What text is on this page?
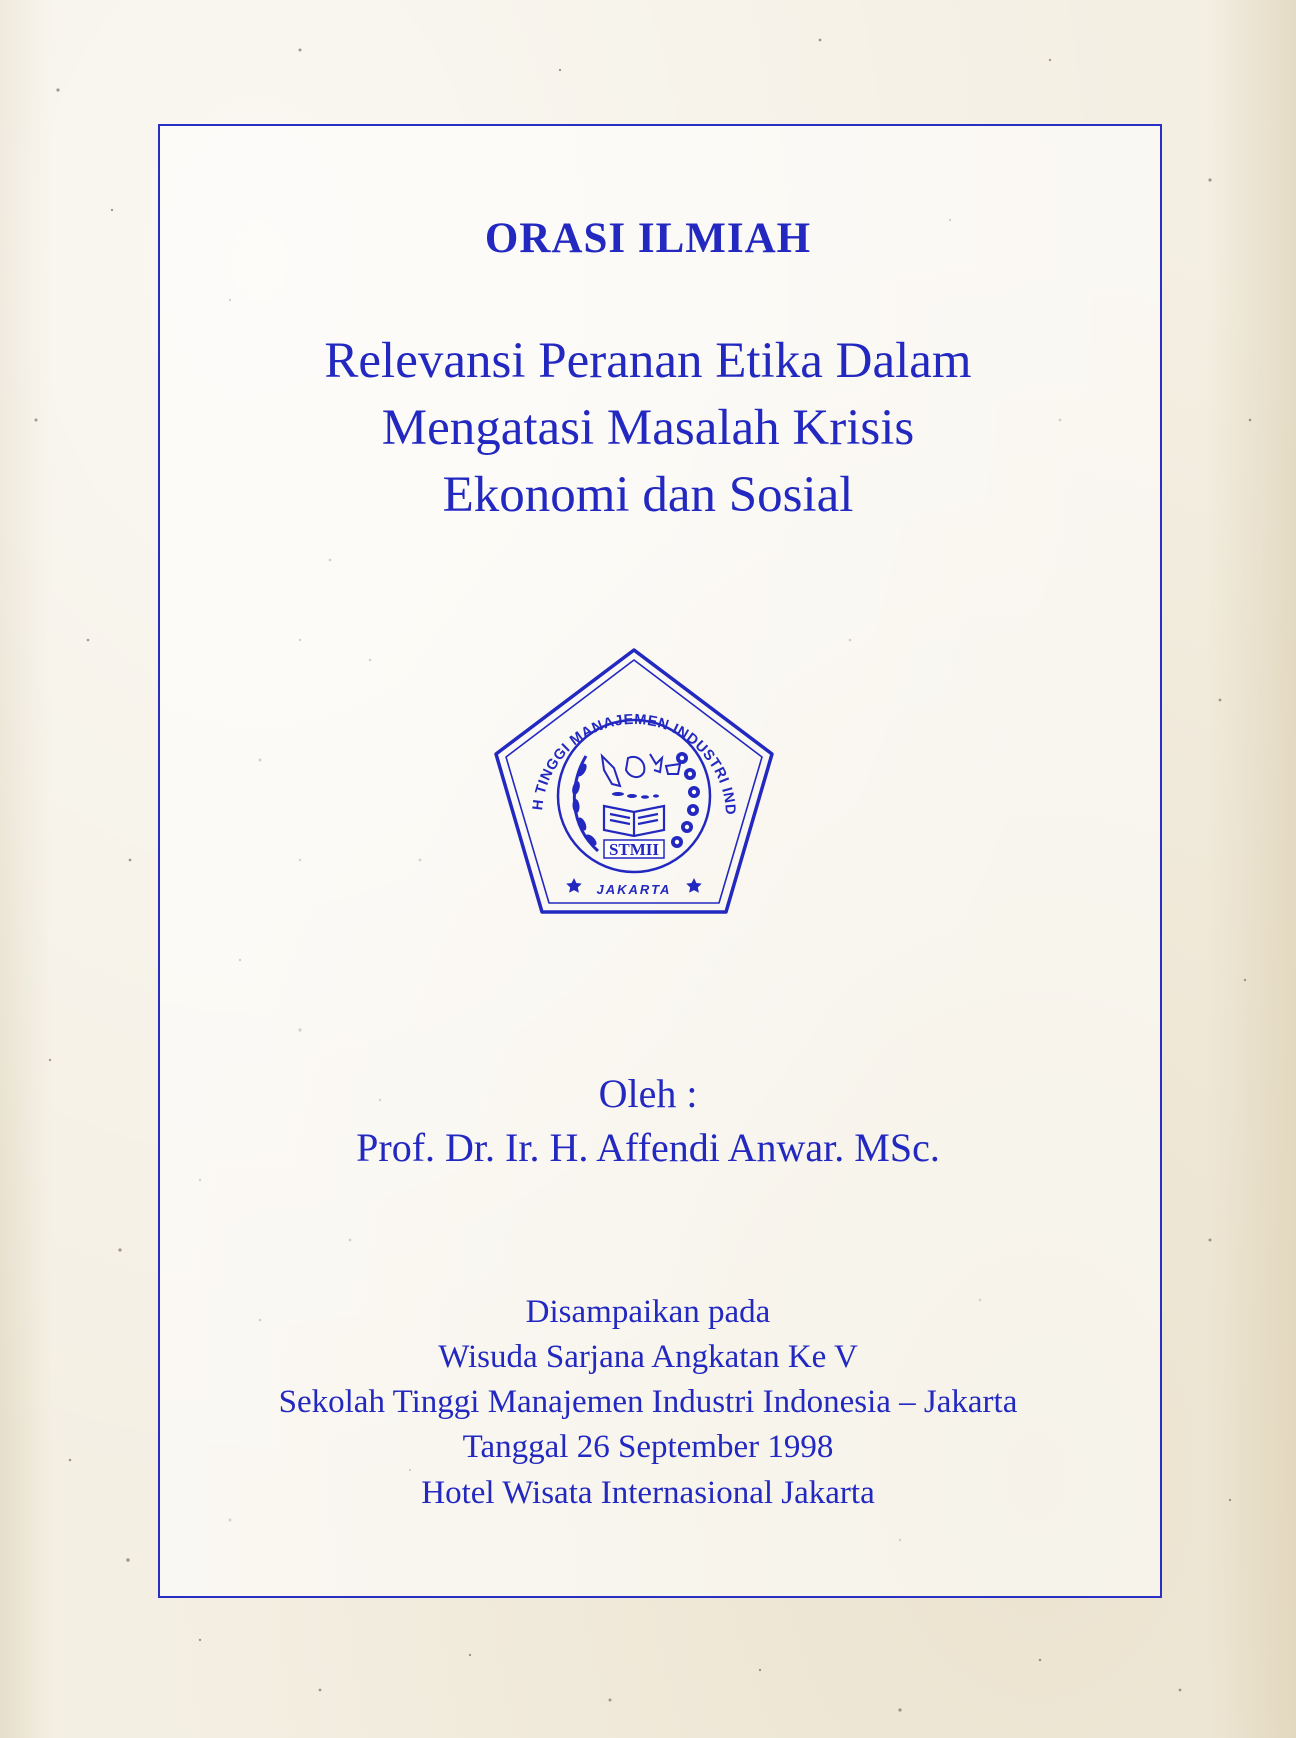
ORASI ILMIAH
Relevansi Peranan Etika Dalam
Mengatasi Masalah Krisis
Ekonomi dan Sosial
H TINGGI MANAJEMEN INDUSTRI IND
STMII
JAKARTA
Oleh :
Prof. Dr. Ir. H. Affendi Anwar. MSc.
Disampaikan pada
Wisuda Sarjana Angkatan Ke V
Sekolah Tinggi Manajemen Industri Indonesia – Jakarta
Tanggal 26 September 1998
Hotel Wisata Internasional Jakarta
